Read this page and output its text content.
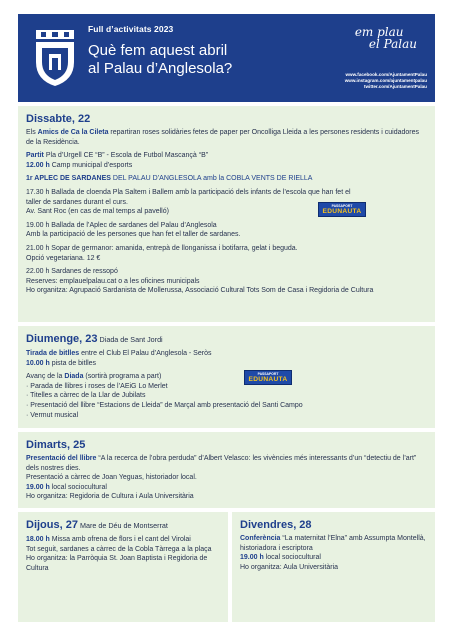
Full d’activitats 2023
Què fem aquest abril
al Palau d’Anglesola?
em plau

el Palau
www.facebook.com/AjuntamentPalau
www.instagram.com/ajuntamentpalau
twitter.com/AjuntamentPalau
Dissabte, 22

Els Amics de Ca la Cileta repartiran roses solidàries fetes de paper per Oncolliga Lleida a les persones residents i cuidadores de la Residència.

Partit Pla d’Urgell CE “B” - Escola de Futbol Mascançà “B”
12.00 h Camp municipal d’esports

1r APLEC DE SARDANES DEL PALAU D’ANGLESOLA amb la COBLA VENTS DE RIELLA

17.30 h Ballada de cloenda Pla Saltem i Ballem amb la participació dels infants de l’escola que han fet el taller de sardanes durant el curs.
Av. Sant Roc (en cas de mal temps al pavelló)

19.00 h Ballada de l’Aplec de sardanes del Palau d’Anglesola
Amb la participació de les persones que han fet el taller de sardanes.

21.00 h Sopar de germanor: amanida, entrepà de llonganissa i botifarra, gelat i beguda.
Opció vegetariana. 12 €

22.00 h Sardanes de ressopó
Reserves: emplauelpalau.cat o a les oficines municipals
Ho organitza: Agrupació Sardanista de Mollerussa, Associació Cultural Tots Som de Casa i Regidoria de Cultura

PASSAPORT
EDUNAUTA
Diumenge, 23 Diada de Sant Jordi

Tirada de bitlles entre el Club El Palau d’Anglesola - Seròs
10.00 h pista de bitlles

Avanç de la Diada (sortirà programa a part)
· Parada de llibres i roses de l’AEiG Lo Merlet
· Titelles a càrrec de la Llar de Jubilats
· Presentació del llibre “Estacions de Lleida” de Marçal amb presentació del Santi Campo
· Vermut musical
PASSAPORT
EDUNAUTA
Dimarts, 25

Presentació del llibre “A la recerca de l’obra perduda” d’Albert Velasco: les vivències més interessants d’un “detectiu de l’art” dels nostres dies.
Presentació a càrrec de Joan Yeguas, historiador local.
19.00 h local sociocultural
Ho organitza: Regidoria de Cultura i Aula Universitària

Dijous, 27 Mare de Déu de Montserrat

18.00 h Missa amb ofrena de flors i el cant del Virolai
Tot seguit, sardanes a càrrec de la Cobla Tàrrega a la plaça
Ho organitza: la Parròquia St. Joan Baptista i Regidoria de Cultura

Divendres, 28

Conferència “La maternitat l’Elna” amb Assumpta Montellà, historiadora i escriptora
19.00 h local sociocultural
Ho organitza: Aula Universitària
